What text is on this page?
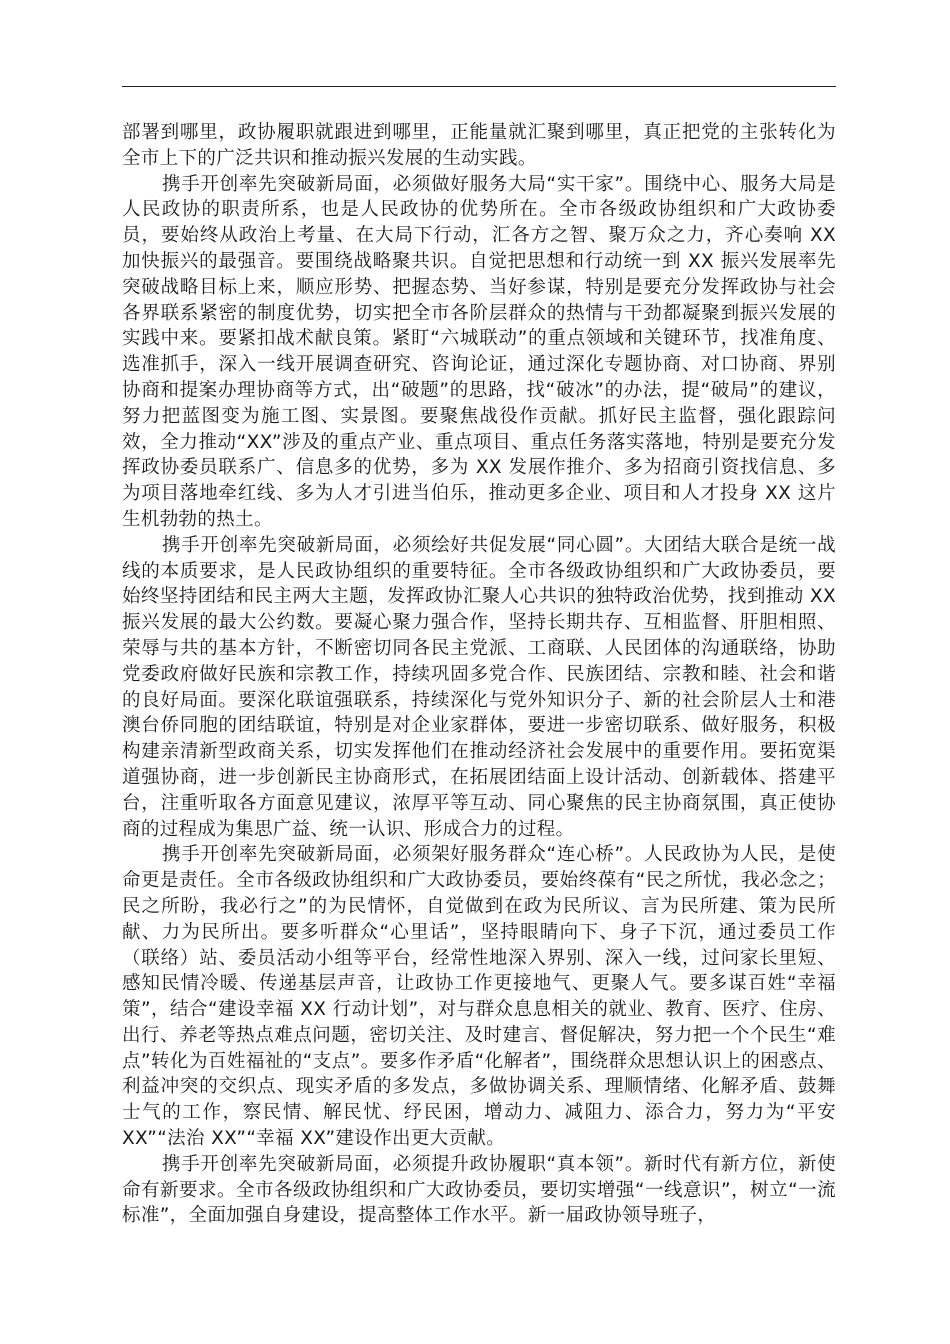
部署到哪里，政协履职就跟进到哪里，正能量就汇聚到哪里，真正把党的主张转化为全市上下的广泛共识和推动振兴发展的生动实践。

携手开创率先突破新局面，必须做好服务大局“实干家”。围绕中心、服务大局是人民政协的职责所系，也是人民政协的优势所在。全市各级政协组织和广大政协委员，要始终从政治上考量、在大局下行动，汇各方之智、聚万众之力，齐心奏响 XX 加快振兴的最强音。要围绕战略聚共识。自觉把思想和行动统一到 XX 振兴发展率先突破战略目标上来，顺应形势、把握态势、当好参谋，特别是要充分发挥政协与社会各界联系紧密的制度优势，切实把全市各阶层群众的热情与干劲都凝聚到振兴发展的实践中来。要紧扣战术献良策。紧盯“六城联动”的重点领域和关键环节，找准角度、选准抓手，深入一线开展调查研究、咨询论证，通过深化专题协商、对口协商、界别协商和提案办理协商等方式，出“破题”的思路，找“破冰”的办法，提“破局”的建议，努力把蓝图变为施工图、实景图。要聚焦战役作贡献。抓好民主监督，强化跟踪问效，全力推动“XX”涉及的重点产业、重点项目、重点任务落实落地，特别是要充分发挥政协委员联系广、信息多的优势，多为 XX 发展作推介、多为招商引资找信息、多为项目落地牵红线、多为人才引进当伯乐，推动更多企业、项目和人才投身 XX 这片生机勃勃的热土。

携手开创率先突破新局面，必须绘好共促发展“同心圆”。大团结大联合是统一战线的本质要求，是人民政协组织的重要特征。全市各级政协组织和广大政协委员，要始终坚持团结和民主两大主题，发挥政协汇聚人心共识的独特政治优势，找到推动 XX 振兴发展的最大公约数。要凝心聚力强合作，坚持长期共存、互相监督、肝胆相照、荣辱与共的基本方针，不断密切同各民主党派、工商联、人民团体的沟通联络，协助党委政府做好民族和宗教工作，持续巩固多党合作、民族团结、宗教和睦、社会和谐的良好局面。要深化联谊强联系，持续深化与党外知识分子、新的社会阶层人士和港澳台侨同胞的团结联谊，特别是对企业家群体，要进一步密切联系、做好服务，积极构建亲清新型政商关系，切实发挥他们在推动经济社会发展中的重要作用。要拓宽渠道强协商，进一步创新民主协商形式，在拓展团结面上设计活动、创新载体、搭建平台，注重听取各方面意见建议，浓厚平等互动、同心聚焦的民主协商氛围，真正使协商的过程成为集思广益、统一认识、形成合力的过程。

携手开创率先突破新局面，必须架好服务群众“连心桥”。人民政协为人民，是使命更是责任。全市各级政协组织和广大政协委员，要始终葆有“民之所忧，我必念之；民之所盼，我必行之”的为民情怀，自觉做到在政为民所议、言为民所建、策为民所献、力为民所出。要多听群众“心里话”，坚持眼睛向下、身子下沉，通过委员工作（联络）站、委员活动小组等平台，经常性地深入界别、深入一线，过问家长里短、感知民情冷暖、传递基层声音，让政协工作更接地气、更聚人气。要多谋百姓“幸福策”，结合“建设幸福 XX 行动计划”，对与群众息息相关的就业、教育、医疗、住房、出行、养老等热点难点问题，密切关注、及时建言、督促解决，努力把一个个民生“难点”转化为百姓福祉的“支点”。要多作矛盾“化解者”，围绕群众思想认识上的困惑点、利益冲突的交织点、现实矛盾的多发点，多做协调关系、理顺情绪、化解矛盾、鼓舞士气的工作，察民情、解民忧、纾民困，增动力、减阻力、添合力，努力为“平安 XX”“法治 XX”“幸福 XX”建设作出更大贡献。

携手开创率先突破新局面，必须提升政协履职“真本领”。新时代有新方位，新使命有新要求。全市各级政协组织和广大政协委员，要切实增强“一线意识”，树立“一流标准”，全面加强自身建设，提高整体工作水平。新一届政协领导班子，
